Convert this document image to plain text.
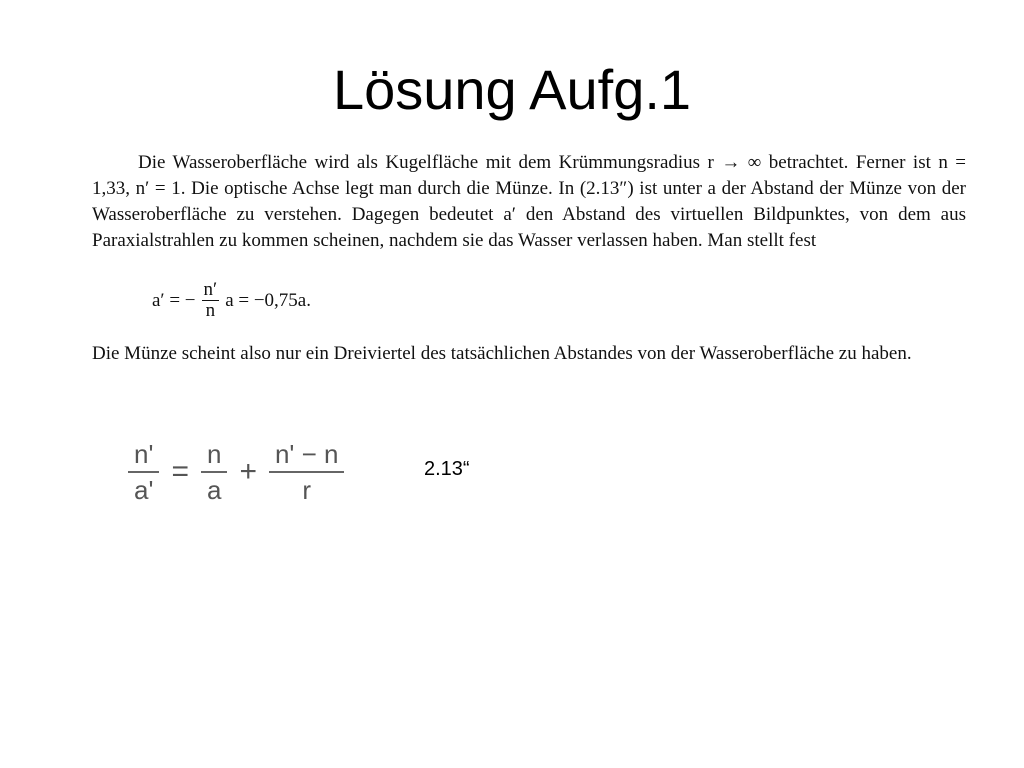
Lösung Aufg.1

Die Wasseroberfläche wird als Kugelfläche mit dem Krümmungsradius r → ∞ betrachtet. Ferner ist n = 1,33, n′ = 1. Die optische Achse legt man durch die Münze. In (2.13″) ist unter a der Abstand der Münze von der Wasseroberfläche zu verstehen. Dagegen bedeutet a′ den Abstand des virtuellen Bildpunktes, von dem aus Paraxialstrahlen zu kommen scheinen, nachdem sie das Wasser verlassen haben. Man stellt fest

a′ = − $\frac{n'}{n}$ a = −0,75a.

Die Münze scheint also nur ein Dreiviertel des tatsächlichen Abstandes von der Wasseroberfläche zu haben.

$\frac{n'}{a'} = \frac{n}{a} + \frac{n' - n}{r}$	2.13“
